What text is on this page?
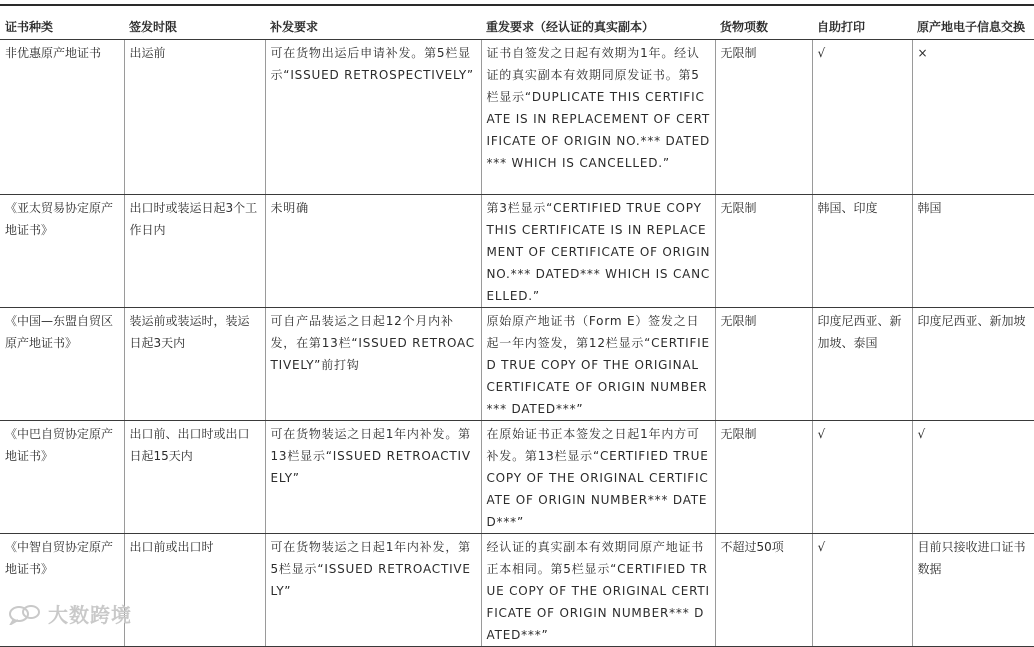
证书种类	签发时限	补发要求	重发要求（经认证的真实副本）	货物项数	自助打印	原产地电子信息交换
非优惠原产地证书	出运前	可在货物出运后申请补发。第5栏显示“ISSUED RETROSPECTIVELY”	证书自签发之日起有效期为1年。经认证的真实副本有效期同原发证书。第5栏显示“DUPLICATE THIS CERTIFICATE IS IN REPLACEMENT OF CERTIFICATE OF ORIGIN NO.*** DATED*** WHICH IS CANCELLED.”	无限制	√	×
《亚太贸易协定原产地证书》	出口时或装运日起3个工作日内	未明确	第3栏显示“CERTIFIED TRUE COPY THIS CERTIFICATE IS IN REPLACEMENT OF CERTIFICATE OF ORIGIN NO.*** DATED*** WHICH IS CANCELLED.”	无限制	韩国、印度	韩国
《中国—东盟自贸区原产地证书》	装运前或装运时，装运日起3天内	可自产品装运之日起12个月内补发，在第13栏“ISSUED RETROACTIVELY”前打钩	原始原产地证书（Form E）签发之日起一年内签发，第12栏显示“CERTIFIED TRUE COPY OF THE ORIGINAL CERTIFICATE OF ORIGIN NUMBER*** DATED***”	无限制	印度尼西亚、新加坡、泰国	印度尼西亚、新加坡
《中巴自贸协定原产地证书》	出口前、出口时或出口日起15天内	可在货物装运之日起1年内补发。第13栏显示“ISSUED RETROACTIVELY”	在原始证书正本签发之日起1年内方可补发。第13栏显示“CERTIFIED TRUE COPY OF THE ORIGINAL CERTIFICATE OF ORIGIN NUMBER*** DATED***”	无限制	√	√
《中智自贸协定原产地证书》	出口前或出口时	可在货物装运之日起1年内补发，第5栏显示“ISSUED RETROACTIVELY”	经认证的真实副本有效期同原产地证书正本相同。第5栏显示“CERTIFIED TRUE COPY OF THE ORIGINAL CERTIFICATE OF ORIGIN NUMBER*** DATED***”	不超过50项	√	目前只接收进口证书数据
大数跨境
